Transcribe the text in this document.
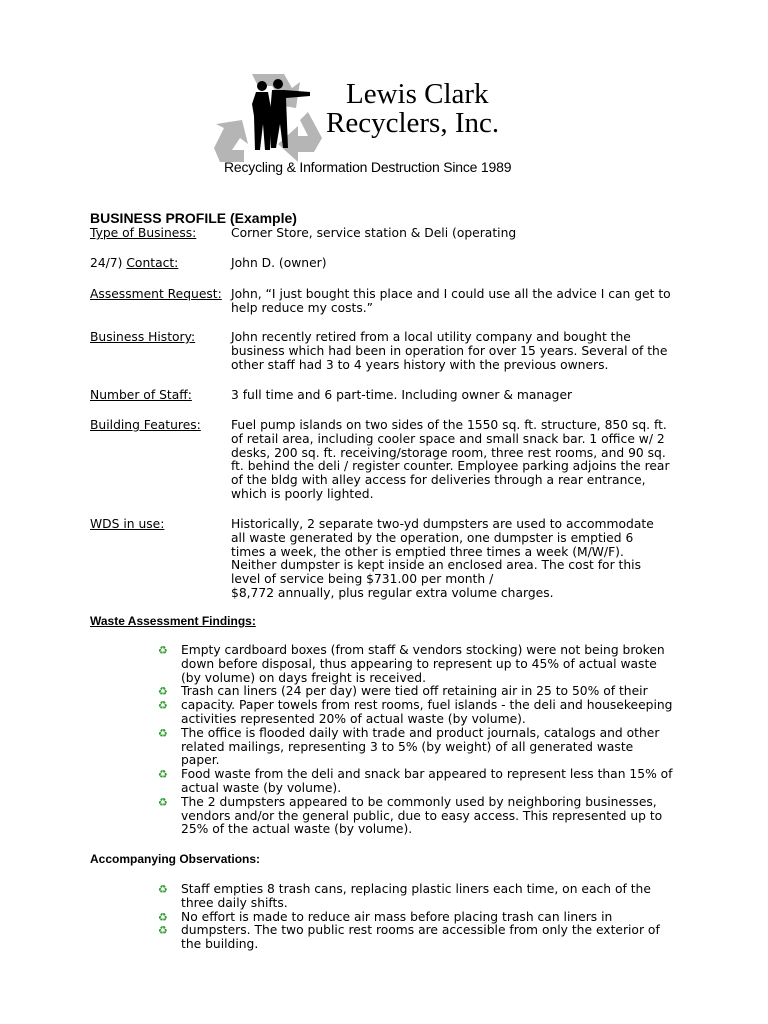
Lewis Clark
Recyclers, Inc.
Recycling & Information Destruction Since 1989
BUSINESS PROFILE (Example)
Type of Business:	Corner Store, service station & Deli (operating
24/7) Contact:	John D. (owner)
Assessment Request: John, “I just bought this place and I could use all the advice I can get to help reduce my costs.”
Business History:	John recently retired from a local utility company and bought the business which had been in operation for over 15 years. Several of the other staff had 3 to 4 years history with the previous owners.
Number of Staff:	3 full time and 6 part-time. Including owner & manager
Building Features: Fuel pump islands on two sides of the 1550 sq. ft. structure, 850 sq. ft. of retail area, including cooler space and small snack bar. 1 office w/ 2 desks, 200 sq. ft. receiving/storage room, three rest rooms, and 90 sq. ft. behind the deli / register counter. Employee parking adjoins the rear of the bldg with alley access for deliveries through a rear entrance, which is poorly lighted.
WDS in use:	Historically, 2 separate two-yd dumpsters are used to accommodate all waste generated by the operation, one dumpster is emptied 6 times a week, the other is emptied three times a week (M/W/F). Neither dumpster is kept inside an enclosed area. The cost for this level of service being $731.00 per month /
$8,772 annually, plus regular extra volume charges.
Waste Assessment Findings:
♻ Empty cardboard boxes (from staff & vendors stocking) were not being broken down before disposal, thus appearing to represent up to 45% of actual waste (by volume) on days freight is received.
♻ Trash can liners (24 per day) were tied off retaining air in 25 to 50% of their
♻ capacity. Paper towels from rest rooms, fuel islands - the deli and housekeeping activities represented 20% of actual waste (by volume).
♻ The office is flooded daily with trade and product journals, catalogs and other related mailings, representing 3 to 5% (by weight) of all generated waste paper.
♻ Food waste from the deli and snack bar appeared to represent less than 15% of actual waste (by volume).
♻ The 2 dumpsters appeared to be commonly used by neighboring businesses, vendors and/or the general public, due to easy access. This represented up to 25% of the actual waste (by volume).
Accompanying Observations:
♻ Staff empties 8 trash cans, replacing plastic liners each time, on each of the three daily shifts.
♻ No effort is made to reduce air mass before placing trash can liners in
♻ dumpsters. The two public rest rooms are accessible from only the exterior of the building.
